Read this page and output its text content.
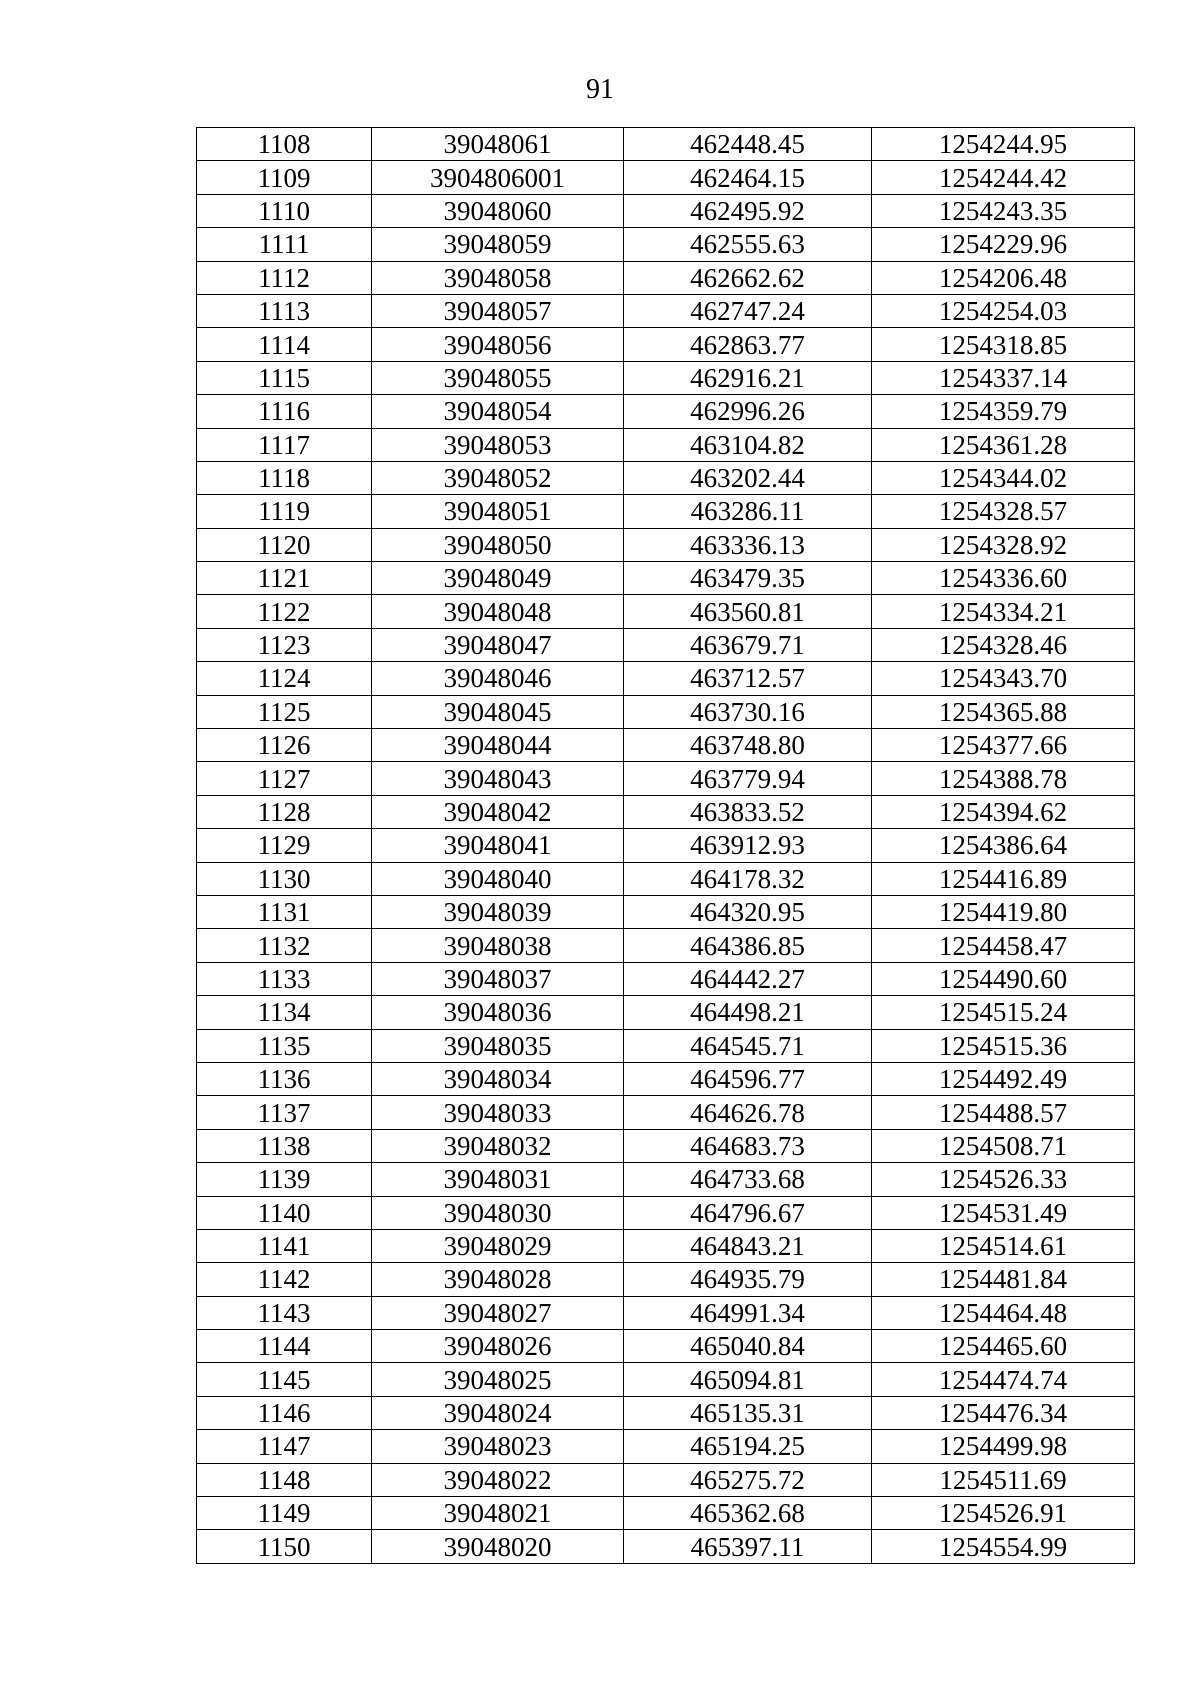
91
1108	39048061	462448.45	1254244.95
1109	3904806001	462464.15	1254244.42
1110	39048060	462495.92	1254243.35
1111	39048059	462555.63	1254229.96
1112	39048058	462662.62	1254206.48
1113	39048057	462747.24	1254254.03
1114	39048056	462863.77	1254318.85
1115	39048055	462916.21	1254337.14
1116	39048054	462996.26	1254359.79
1117	39048053	463104.82	1254361.28
1118	39048052	463202.44	1254344.02
1119	39048051	463286.11	1254328.57
1120	39048050	463336.13	1254328.92
1121	39048049	463479.35	1254336.60
1122	39048048	463560.81	1254334.21
1123	39048047	463679.71	1254328.46
1124	39048046	463712.57	1254343.70
1125	39048045	463730.16	1254365.88
1126	39048044	463748.80	1254377.66
1127	39048043	463779.94	1254388.78
1128	39048042	463833.52	1254394.62
1129	39048041	463912.93	1254386.64
1130	39048040	464178.32	1254416.89
1131	39048039	464320.95	1254419.80
1132	39048038	464386.85	1254458.47
1133	39048037	464442.27	1254490.60
1134	39048036	464498.21	1254515.24
1135	39048035	464545.71	1254515.36
1136	39048034	464596.77	1254492.49
1137	39048033	464626.78	1254488.57
1138	39048032	464683.73	1254508.71
1139	39048031	464733.68	1254526.33
1140	39048030	464796.67	1254531.49
1141	39048029	464843.21	1254514.61
1142	39048028	464935.79	1254481.84
1143	39048027	464991.34	1254464.48
1144	39048026	465040.84	1254465.60
1145	39048025	465094.81	1254474.74
1146	39048024	465135.31	1254476.34
1147	39048023	465194.25	1254499.98
1148	39048022	465275.72	1254511.69
1149	39048021	465362.68	1254526.91
1150	39048020	465397.11	1254554.99
